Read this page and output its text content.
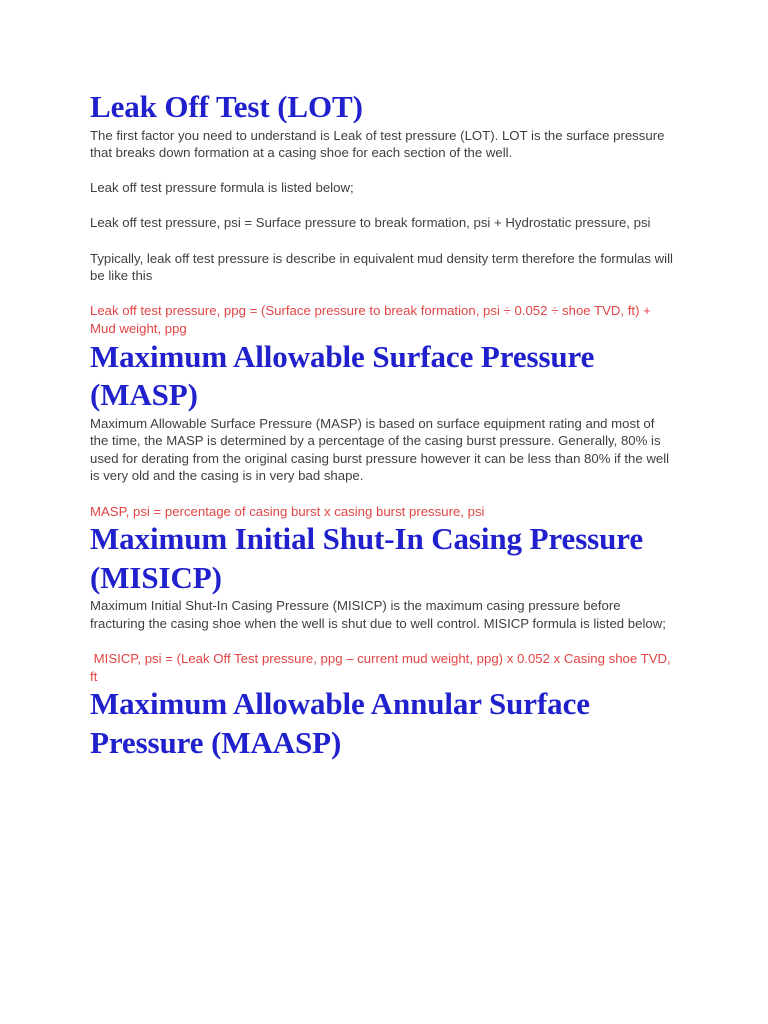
Leak Off Test (LOT)

The first factor you need to understand is Leak of test pressure (LOT). LOT is the surface pressure that breaks down formation at a casing shoe for each section of the well.

Leak off test pressure formula is listed below;

Leak off test pressure, psi = Surface pressure to break formation, psi + Hydrostatic pressure, psi

Typically, leak off test pressure is describe in equivalent mud density term therefore the formulas will be like this

Leak off test pressure, ppg = (Surface pressure to break formation, psi ÷ 0.052 ÷ shoe TVD, ft) + Mud weight, ppg

Maximum Allowable Surface Pressure (MASP)

Maximum Allowable Surface Pressure (MASP) is based on surface equipment rating and most of the time, the MASP is determined by a percentage of the casing burst pressure. Generally, 80% is used for derating from the original casing burst pressure however it can be less than 80% if the well is very old and the casing is in very bad shape.

MASP, psi = percentage of casing burst x casing burst pressure, psi

Maximum Initial Shut-In Casing Pressure (MISICP)

Maximum Initial Shut-In Casing Pressure (MISICP) is the maximum casing pressure before fracturing the casing shoe when the well is shut due to well control. MISICP formula is listed below;

MISICP, psi = (Leak Off Test pressure, ppg – current mud weight, ppg) x 0.052 x Casing shoe TVD, ft

Maximum Allowable Annular Surface Pressure (MAASP)
